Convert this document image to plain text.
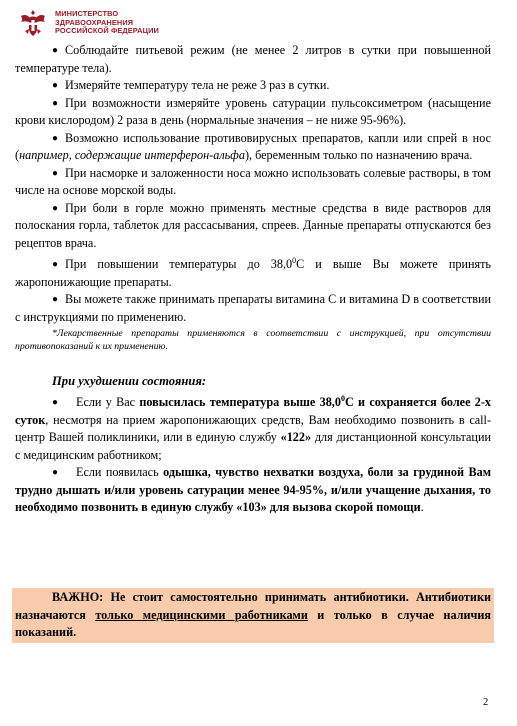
МИНИСТЕРСТВО
ЗДРАВООХРАНЕНИЯ
РОССИЙСКОЙ ФЕДЕРАЦИИ

● Соблюдайте питьевой режим (не менее 2 литров в сутки при повышенной температуре тела).

● Измеряйте температуру тела не реже 3 раз в сутки.

● При возможности измеряйте уровень сатурации пульсоксиметром (насыщение крови кислородом) 2 раза в день (нормальные значения – не ниже 95-96%).

● Возможно использование противовирусных препаратов, капли или спрей в нос (например, содержащие интерферон-альфа), беременным только по назначению врача.

● При насморке и заложенности носа можно использовать солевые растворы, в том числе на основе морской воды.

● При боли в горле можно применять местные средства в виде растворов для полоскания горла, таблеток для рассасывания, спреев. Данные препараты отпускаются без рецептов врача.

● При повышении температуры до 38,0$^0$С и выше Вы можете принять жаропонижающие препараты.

● Вы можете также принимать препараты витамина С и витамина D в соответствии с инструкциями по применению.

*Лекарственные препараты применяются в соответствии с инструкцией, при отсутствии противопоказаний к их применению.

При ухудшении состояния:

● Если у Вас повысилась температура выше 38,0$^0$С и сохраняется более 2-х суток, несмотря на прием жаропонижающих средств, Вам необходимо позвонить в call-центр Вашей поликлиники, или в единую службу «122» для дистанционной консультации с медицинским работником;

● Если появилась одышка, чувство нехватки воздуха, боли за грудиной Вам трудно дышать и/или уровень сатурации менее 94-95%, и/или учащение дыхания, то необходимо позвонить в единую службу «103» для вызова скорой помощи.

ВАЖНО: Не стоит самостоятельно принимать антибиотики. Антибиотики назначаются только медицинскими работниками и только в случае наличия показаний.

2
